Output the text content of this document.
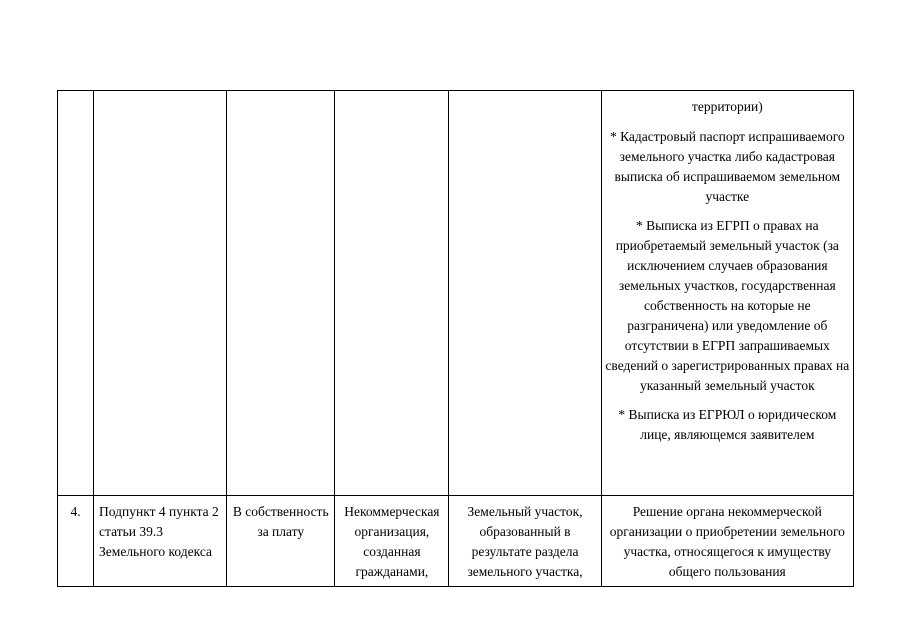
					территории)

* Кадастровый паспорт испрашиваемого земельного участка либо кадастровая выписка об испрашиваемом земельном участке

* Выписка из ЕГРП о правах на приобретаемый земельный участок (за исключением случаев образования земельных участков, государственная собственность на которые не разграничена) или уведомление об отсутствии в ЕГРП запрашиваемых сведений о зарегистрированных правах на указанный земельный участок

* Выписка из ЕГРЮЛ о юридическом лице, являющемся заявителем

4.	Подпункт 4 пункта 2 статьи 39.3 Земельного кодекса	В собственность за плату	Некоммерческая организация, созданная гражданами,	Земельный участок, образованный в результате раздела земельного участка,	Решение органа некоммерческой организации о приобретении земельного участка, относящегося к имуществу общего пользования
